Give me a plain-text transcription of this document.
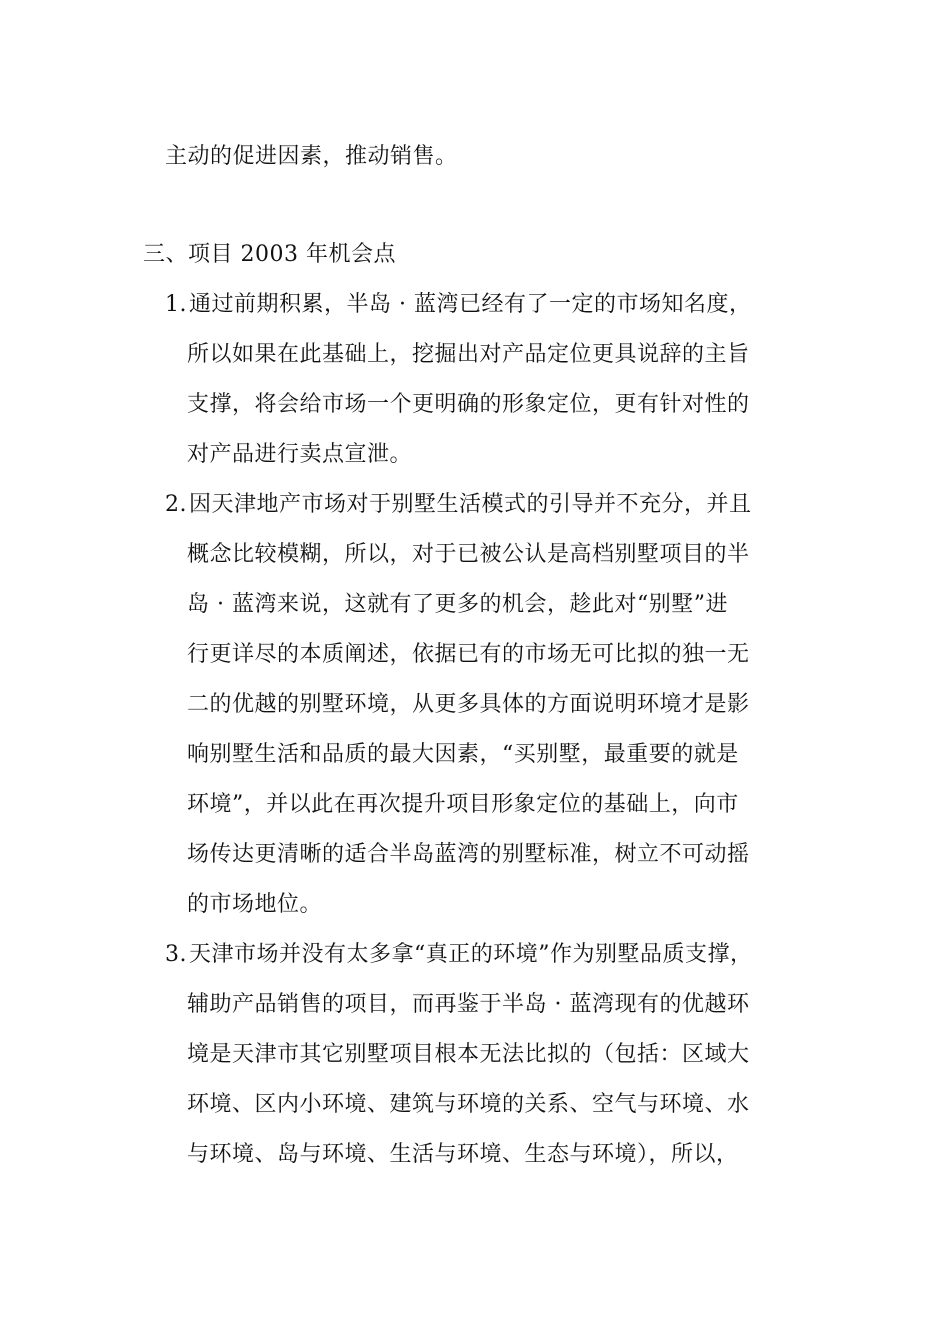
主动的促进因素，推动销售。
三、项目 2003 年机会点
1.通过前期积累，半岛 · 蓝湾已经有了一定的市场知名度，
所以如果在此基础上，挖掘出对产品定位更具说辞的主旨
支撑，将会给市场一个更明确的形象定位，更有针对性的
对产品进行卖点宣泄。
2.因天津地产市场对于别墅生活模式的引导并不充分，并且
概念比较模糊，所以，对于已被公认是高档别墅项目的半
岛 · 蓝湾来说，这就有了更多的机会，趁此对“别墅”进
行更详尽的本质阐述，依据已有的市场无可比拟的独一无
二的优越的别墅环境，从更多具体的方面说明环境才是影
响别墅生活和品质的最大因素，“买别墅，最重要的就是
环境”，并以此在再次提升项目形象定位的基础上，向市
场传达更清晰的适合半岛蓝湾的别墅标准，树立不可动摇
的市场地位。
3.天津市场并没有太多拿“真正的环境”作为别墅品质支撑，
辅助产品销售的项目，而再鉴于半岛 · 蓝湾现有的优越环
境是天津市其它别墅项目根本无法比拟的（包括：区域大
环境、区内小环境、建筑与环境的关系、空气与环境、水
与环境、岛与环境、生活与环境、生态与环境），所以，
